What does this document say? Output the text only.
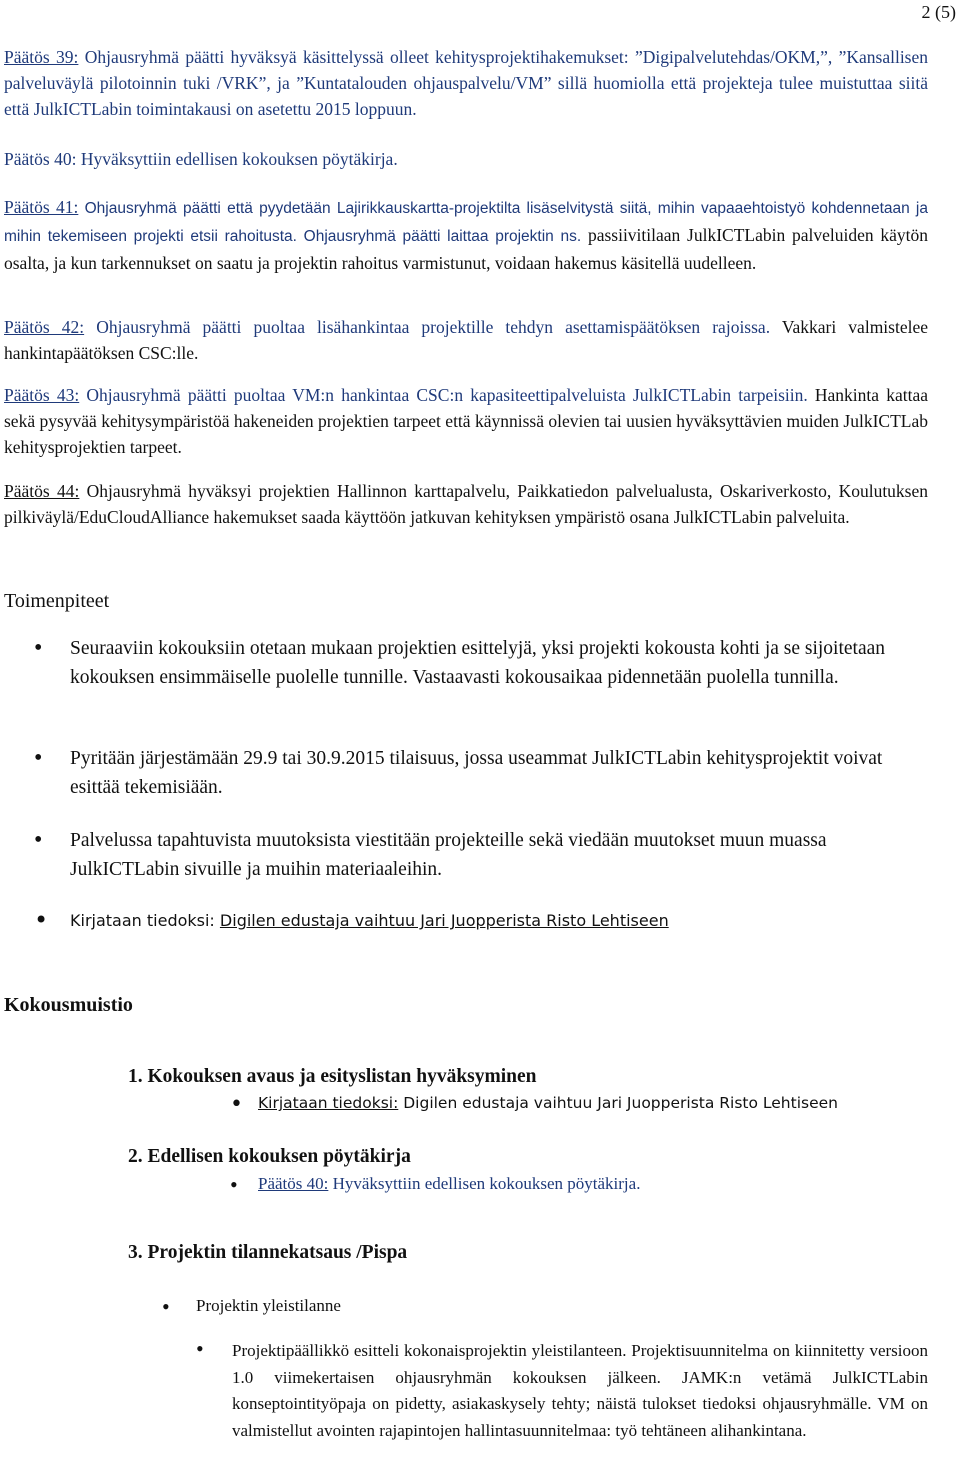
2 (5)
Päätös 39: Ohjausryhmä päätti hyväksyä käsittelyssä olleet kehitysprojektihakemukset: ”Digipalvelutehdas/OKM,”, ”Kansallisen palveluväylä pilotoinnin tuki /VRK”, ja ”Kuntatalouden ohjauspalvelu/VM” sillä huomiolla että projekteja tulee muistuttaa siitä että JulkICTLabin toimintakausi on asetettu 2015 loppuun.
Päätös 40: Hyväksyttiin edellisen kokouksen pöytäkirja.
Päätös 41: Ohjausryhmä päätti että pyydetään Lajirikkauskartta-projektilta lisäselvitystä siitä, mihin vapaaehtoistyö kohdennetaan ja mihin tekemiseen projekti etsii rahoitusta. Ohjausryhmä päätti laittaa projektin ns. passiivitilaan JulkICTLabin palveluiden käytön osalta, ja kun tarkennukset on saatu ja projektin rahoitus varmistunut, voidaan hakemus käsitellä uudelleen.
Päätös 42: Ohjausryhmä päätti puoltaa lisähankintaa projektille tehdyn asettamispäätöksen rajoissa. Vakkari valmistelee hankintapäätöksen CSC:lle.
Päätös 43: Ohjausryhmä päätti puoltaa VM:n hankintaa CSC:n kapasiteettipalveluista JulkICTLabin tarpeisiin. Hankinta kattaa sekä pysyvää kehitysympäristöä hakeneiden projektien tarpeet että käynnissä olevien tai uusien hyväksyttävien muiden JulkICTLab kehitysprojektien tarpeet.
Päätös 44: Ohjausryhmä hyväksyi projektien Hallinnon karttapalvelu, Paikkatiedon palvelualusta, Oskariverkosto, Koulutuksen pilkiväylä/EduCloudAlliance hakemukset saada käyttöön jatkuvan kehityksen ympäristö osana JulkICTLabin palveluita.
Toimenpiteet
• Seuraaviin kokouksiin otetaan mukaan projektien esittelyjä, yksi projekti kokousta kohti ja se sijoitetaan kokouksen ensimmäiselle puolelle tunnille. Vastaavasti kokousaikaa pidennetään puolella tunnilla.
• Pyritään järjestämään 29.9 tai 30.9.2015 tilaisuus, jossa useammat JulkICTLabin kehitysprojektit voivat esittää tekemisiään.
• Palvelussa tapahtuvista muutoksista viestitään projekteille sekä viedään muutokset muun muassa JulkICTLabin sivuille ja muihin materiaaleihin.
• Kirjataan tiedoksi: Digilen edustaja vaihtuu Jari Juopperista Risto Lehtiseen
Kokousmuistio
1. Kokouksen avaus ja esityslistan hyväksyminen
• Kirjataan tiedoksi: Digilen edustaja vaihtuu Jari Juopperista Risto Lehtiseen
2. Edellisen kokouksen pöytäkirja
• Päätös 40: Hyväksyttiin edellisen kokouksen pöytäkirja.
3. Projektin tilannekatsaus /Pispa
• Projektin yleistilanne
• Projektipäällikkö esitteli kokonaisprojektin yleistilanteen. Projektisuunnitelma on kiinnitetty versioon 1.0 viimekertaisen ohjausryhmän kokouksen jälkeen. JAMK:n vetämä JulkICTLabin konseptointityöpaja on pidetty, asiakaskysely tehty; näistä tulokset tiedoksi ohjausryhmälle. VM on valmistellut avointen rajapintojen hallintasuunnitelmaa: työ tehtäneen alihankintana.
